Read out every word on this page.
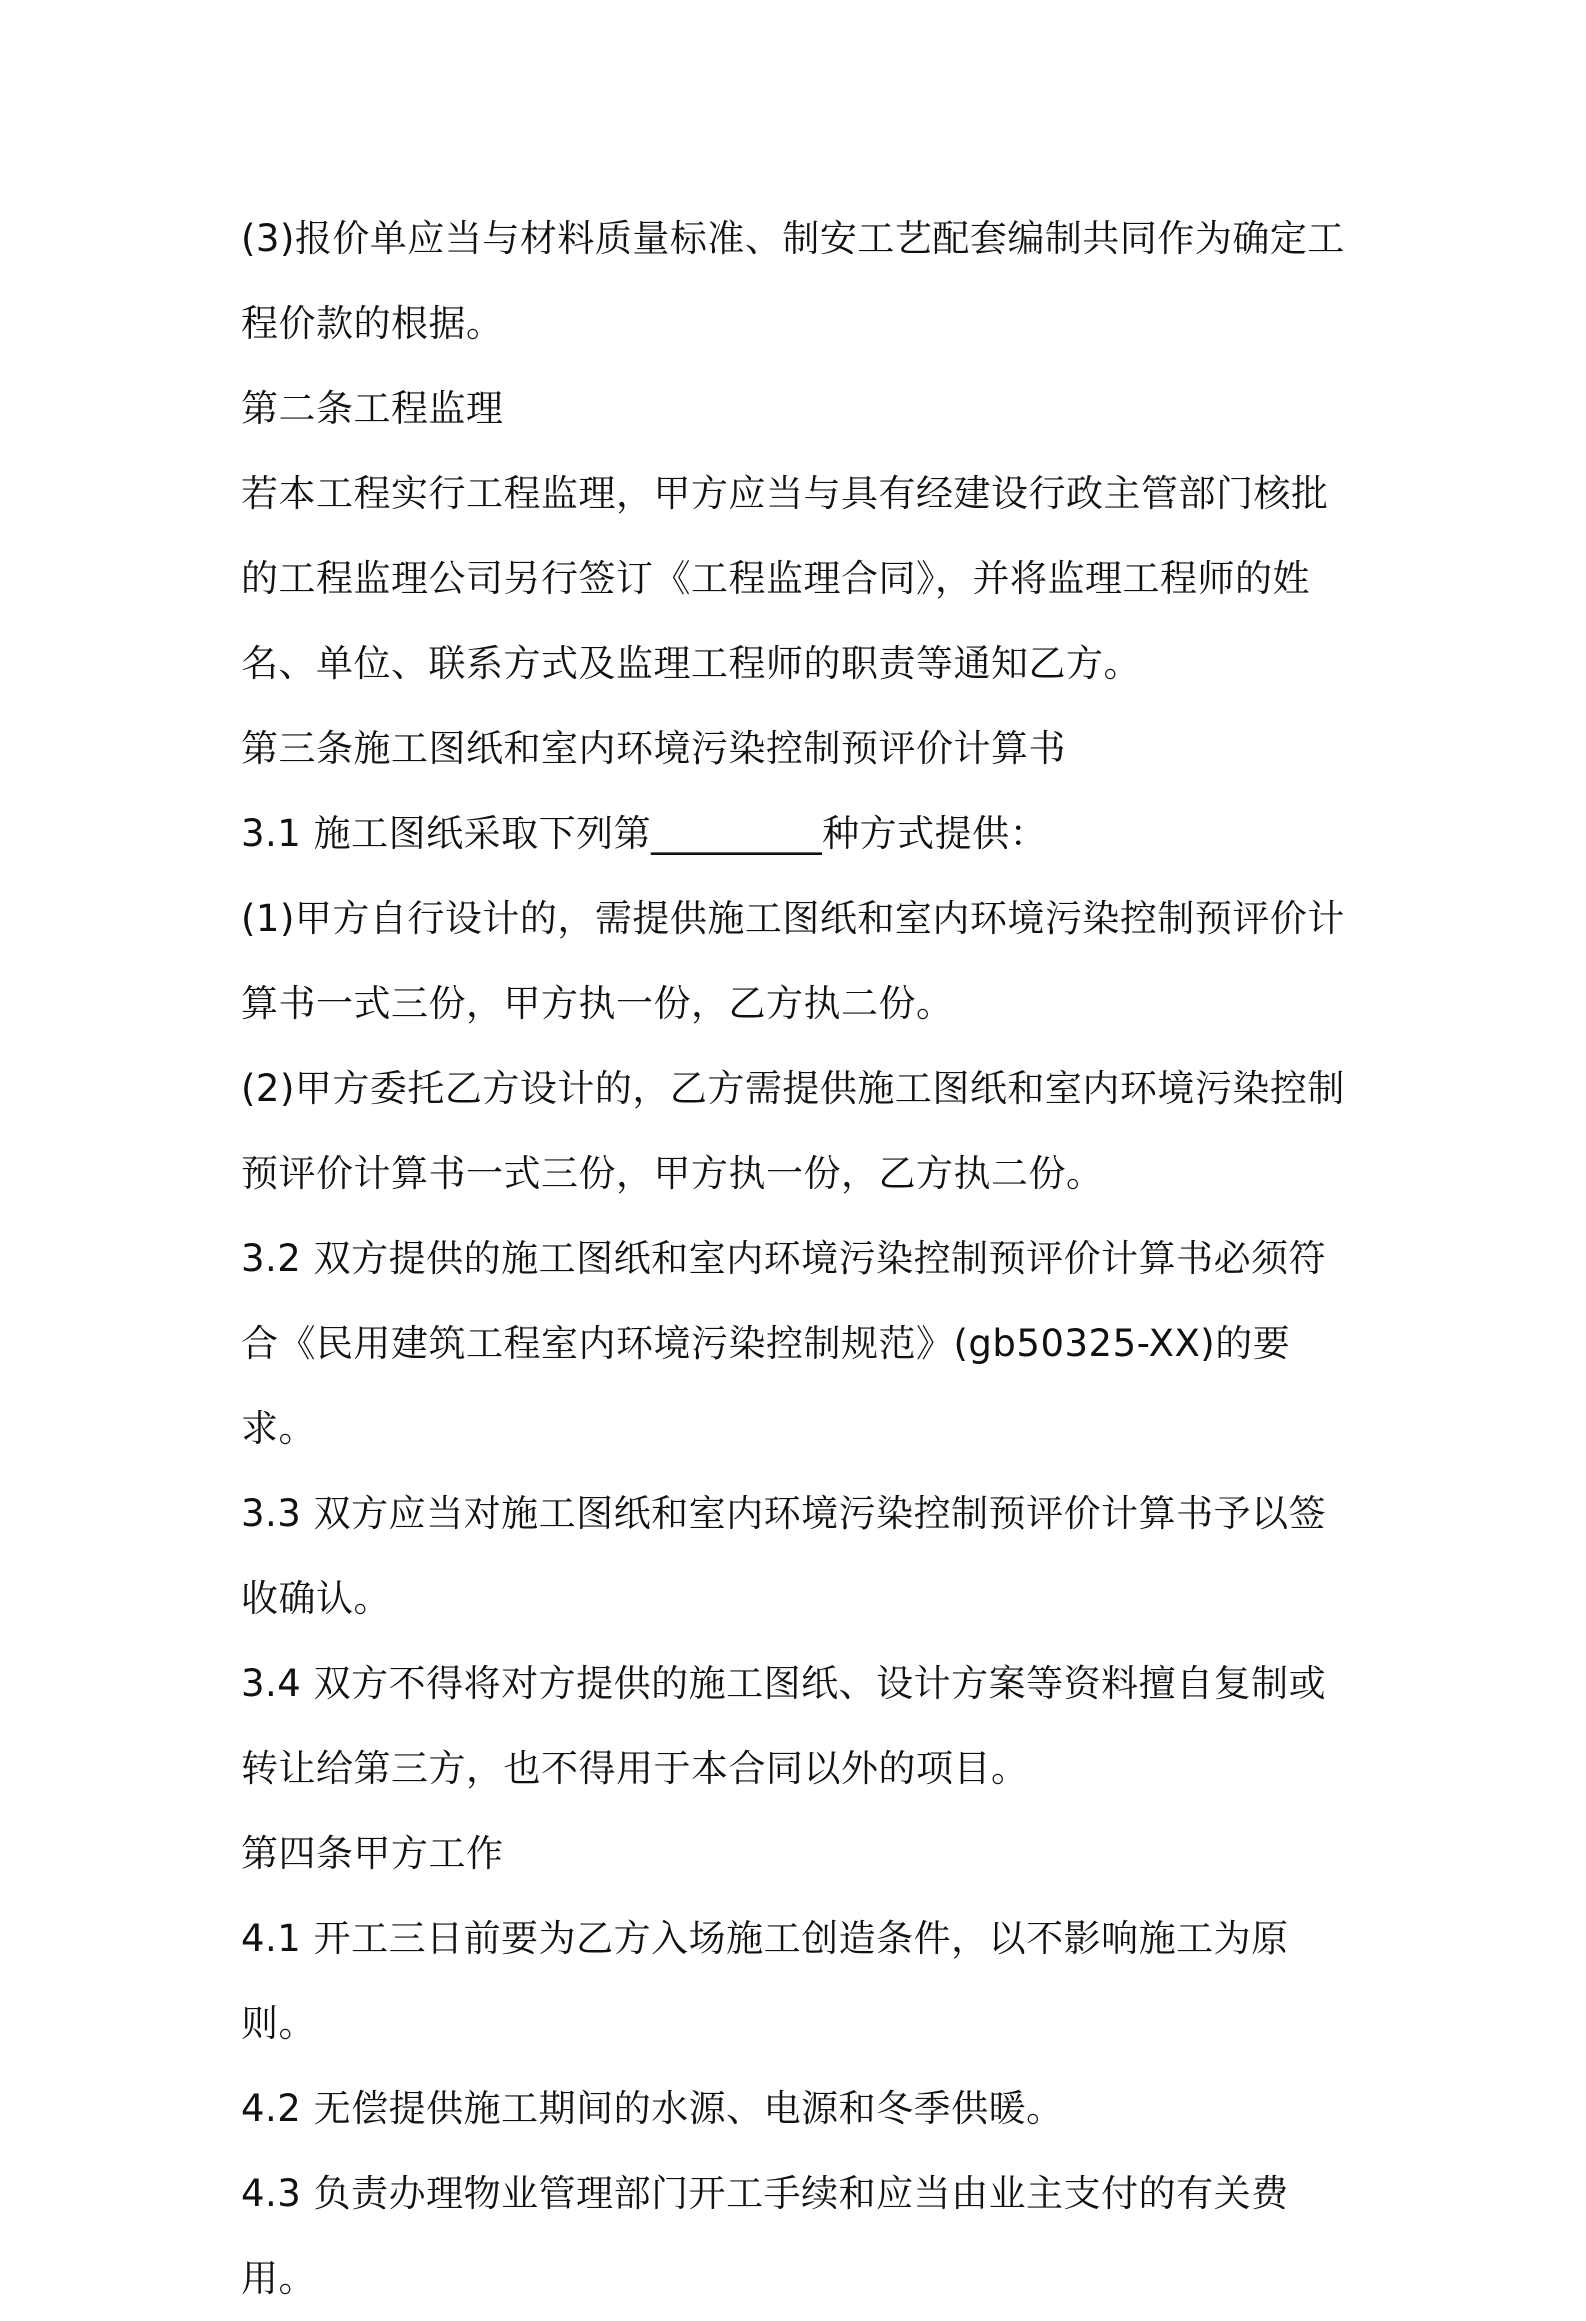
(3)报价单应当与材料质量标准、制安工艺配套编制共同作为确定工程价款的根据。

第二条工程监理

若本工程实行工程监理，甲方应当与具有经建设行政主管部门核批的工程监理公司另行签订《工程监理合同》，并将监理工程师的姓名、单位、联系方式及监理工程师的职责等通知乙方。

第三条施工图纸和室内环境污染控制预评价计算书

3.1 施工图纸采取下列第_________种方式提供：

(1)甲方自行设计的，需提供施工图纸和室内环境污染控制预评价计算书一式三份，甲方执一份，乙方执二份。

(2)甲方委托乙方设计的，乙方需提供施工图纸和室内环境污染控制预评价计算书一式三份，甲方执一份，乙方执二份。

3.2 双方提供的施工图纸和室内环境污染控制预评价计算书必须符合《民用建筑工程室内环境污染控制规范》(gb50325-XX)的要求。

3.3 双方应当对施工图纸和室内环境污染控制预评价计算书予以签收确认。

3.4 双方不得将对方提供的施工图纸、设计方案等资料擅自复制或转让给第三方，也不得用于本合同以外的项目。

第四条甲方工作

4.1 开工三日前要为乙方入场施工创造条件，以不影响施工为原则。

4.2 无偿提供施工期间的水源、电源和冬季供暖。

4.3 负责办理物业管理部门开工手续和应当由业主支付的有关费用。
